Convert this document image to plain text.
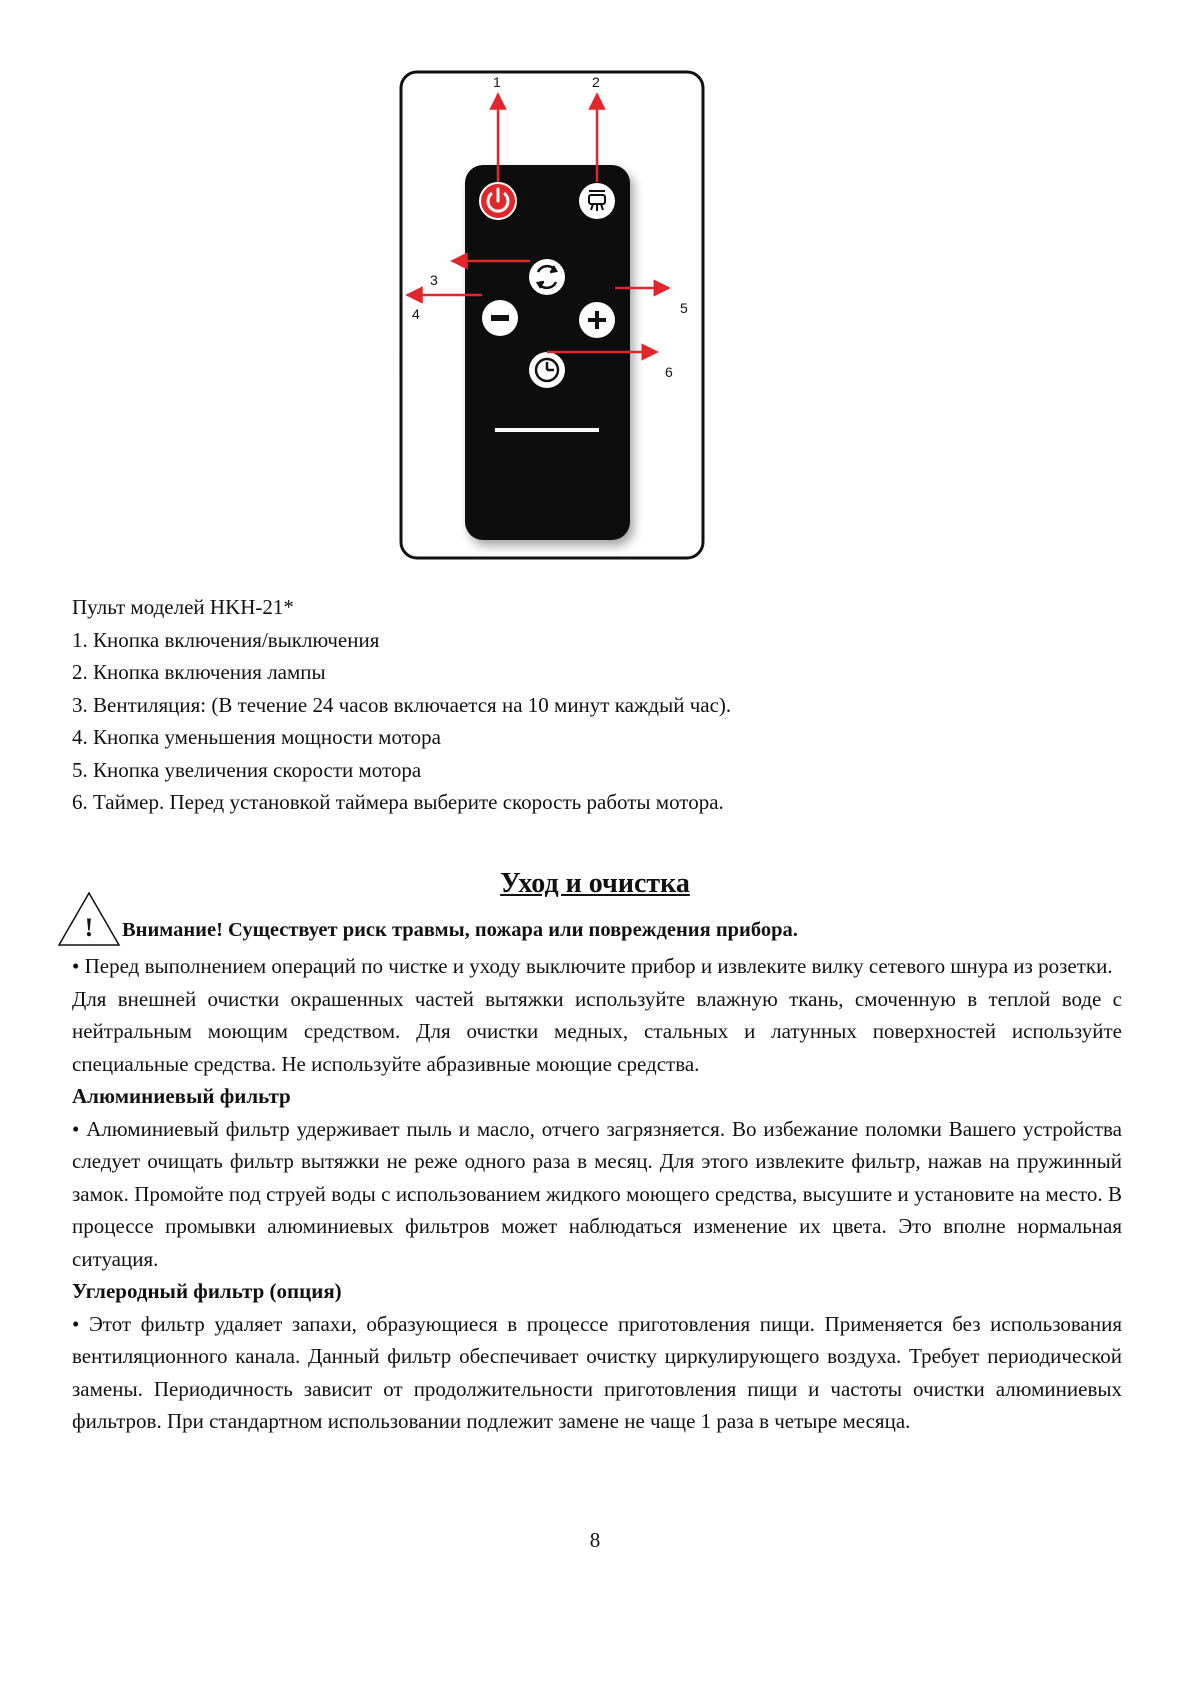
1	2
3
4	5
6
Пульт моделей HKH-21*
1. Кнопка включения/выключения
2. Кнопка включения лампы
3. Вентиляция: (В течение 24 часов включается на 10 минут каждый час).
4. Кнопка уменьшения мощности мотора
5. Кнопка увеличения скорости мотора
6. Таймер. Перед установкой таймера выберите скорость работы мотора.
Уход и очистка
! Внимание! Существует риск травмы, пожара или повреждения прибора.

• Перед выполнением операций по чистке и уходу выключите прибор и извлеките вилку сетевого шнура из розетки.

Для внешней очистки окрашенных частей вытяжки используйте влажную ткань, смоченную в теплой воде с нейтральным моющим средством. Для очистки медных, стальных и латунных поверхностей используйте специальные средства. Не используйте абразивные моющие средства.

Алюминиевый фильтр

• Алюминиевый фильтр удерживает пыль и масло, отчего загрязняется. Во избежание поломки Вашего устройства следует очищать фильтр вытяжки не реже одного раза в месяц. Для этого извлеките фильтр, нажав на пружинный замок. Промойте под струей воды с использованием жидкого моющего средства, высушите и установите на место. В процессе промывки алюминиевых фильтров может наблюдаться изменение их цвета. Это вполне нормальная ситуация.

Углеродный фильтр (опция)

• Этот фильтр удаляет запахи, образующиеся в процессе приготовления пищи. Применяется без использования вентиляционного канала. Данный фильтр обеспечивает очистку циркулирующего воздуха. Требует периодической замены. Периодичность зависит от продолжительности приготовления пищи и частоты очистки алюминиевых фильтров. При стандартном использовании подлежит замене не чаще 1 раза в четыре месяца.

8
